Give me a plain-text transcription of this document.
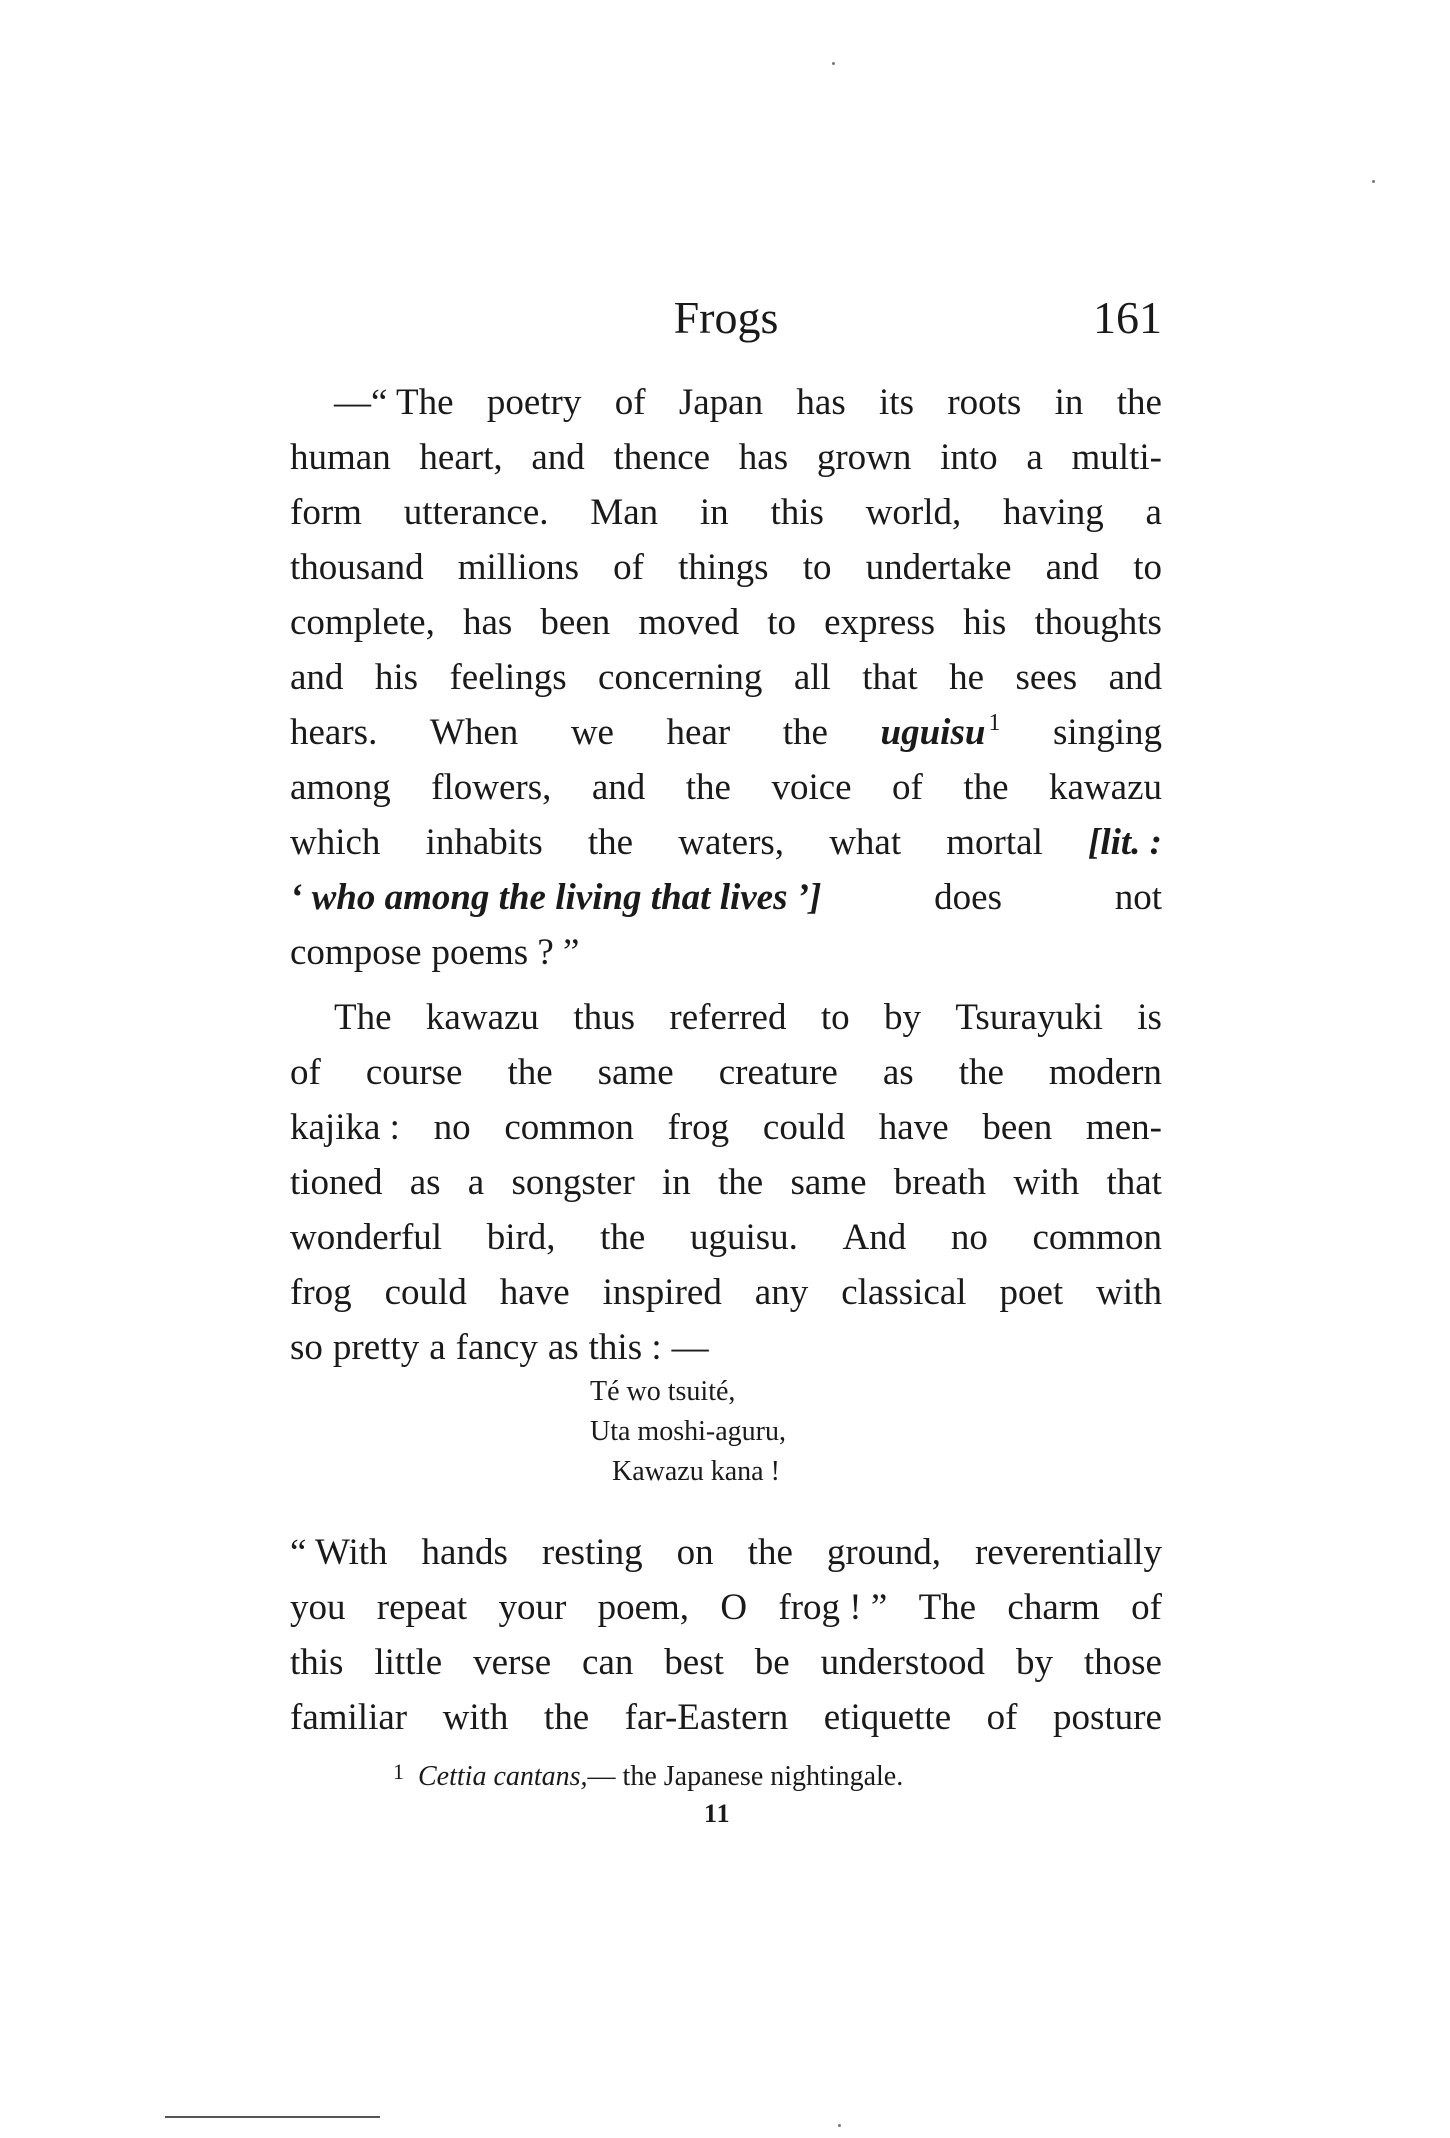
Frogs	161
—“ The poetry of Japan has its roots in the
human heart, and thence has grown into a multi-
form utterance. Man in this world, having a
thousand millions of things to undertake and to
complete, has been moved to express his thoughts
and his feelings concerning all that he sees and
hears. When we hear the uguisu $^1$ singing
among flowers, and the voice of the kawazu
which inhabits the waters, what mortal [lit. :
‘ who among the living that lives ’]	does	not
compose poems ? ”
The kawazu thus referred to by Tsurayuki is
of course the same creature as the modern
kajika : no common frog could have been men-
tioned as a songster in the same breath with that
wonderful bird, the uguisu. And no common
frog could have inspired any classical poet with
so pretty a fancy as this : —
Té wo tsuité,
Uta moshi-aguru,
Kawazu kana !
“ With hands resting on the ground, reverentially
you repeat your poem, O frog ! ” The charm of
this little verse can best be understood by those
familiar with the far-Eastern etiquette of posture
$^1$ Cettia cantans,— the Japanese nightingale.
11
